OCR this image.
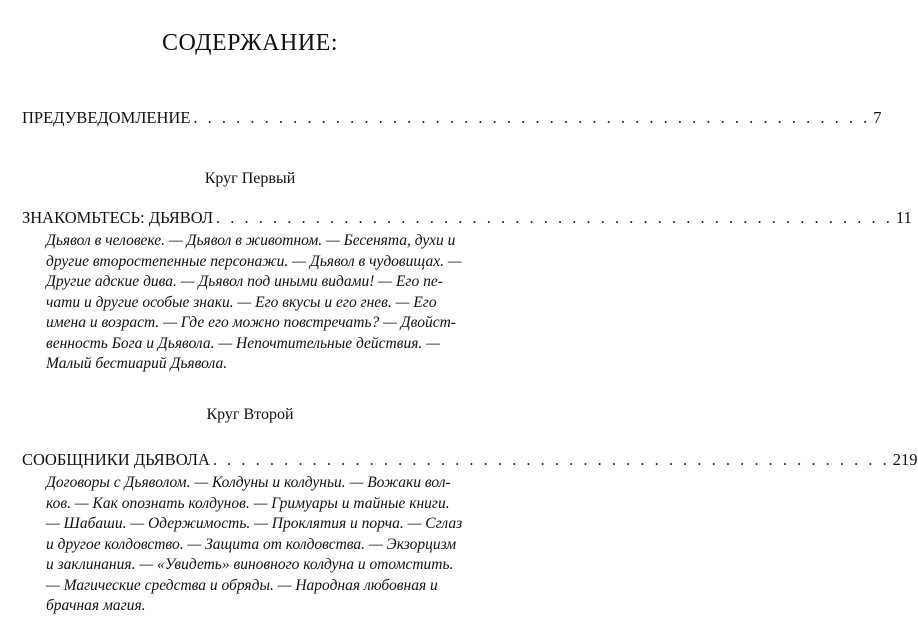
СОДЕРЖАНИЕ:
ПРЕДУВЕДОМЛЕНИЕ . . . . . . . . . . . . . . . . . . . . . . . . . . . . . . . . . . . . . . . . . . . . . . . . 7
Круг Первый
ЗНАКОМЬТЕСЬ: ДЬЯВОЛ . . . . . . . . . . . . . . . . . . . . . . . . . . . . . . . . . . . . . . . . . . . . . . . . 11
Дьявол в человеке. — Дьявол в животном. — Бесенята, духи и
другие второстепенные персонажи. — Дьявол в чудовищах. —
Другие адские дива. — Дьявол под иными видами! — Его пе-
чати и другие особые знаки. — Его вкусы и его гнев. — Его
имена и возраст. — Где его можно повстречать? — Двойст-
венность Бога и Дьявола. — Непочтительные действия. —
Малый бестиарий Дьявола.
Круг Второй
СООБЩНИКИ ДЬЯВОЛА . . . . . . . . . . . . . . . . . . . . . . . . . . . . . . . . . . . . . . . . . . . . . . . . 219
Договоры с Дьяволом. — Колдуны и колдуньи. — Вожаки вол-
ков. — Как опознать колдунов. — Гримуары и тайные книги.
— Шабаши. — Одержимость. — Проклятия и порча. — Сглаз
и другое колдовство. — Защита от колдовства. — Экзорцизм
и заклинания. — «Увидеть» виновного колдуна и отомстить.
— Магические средства и обряды. — Народная любовная и
брачная магия.
